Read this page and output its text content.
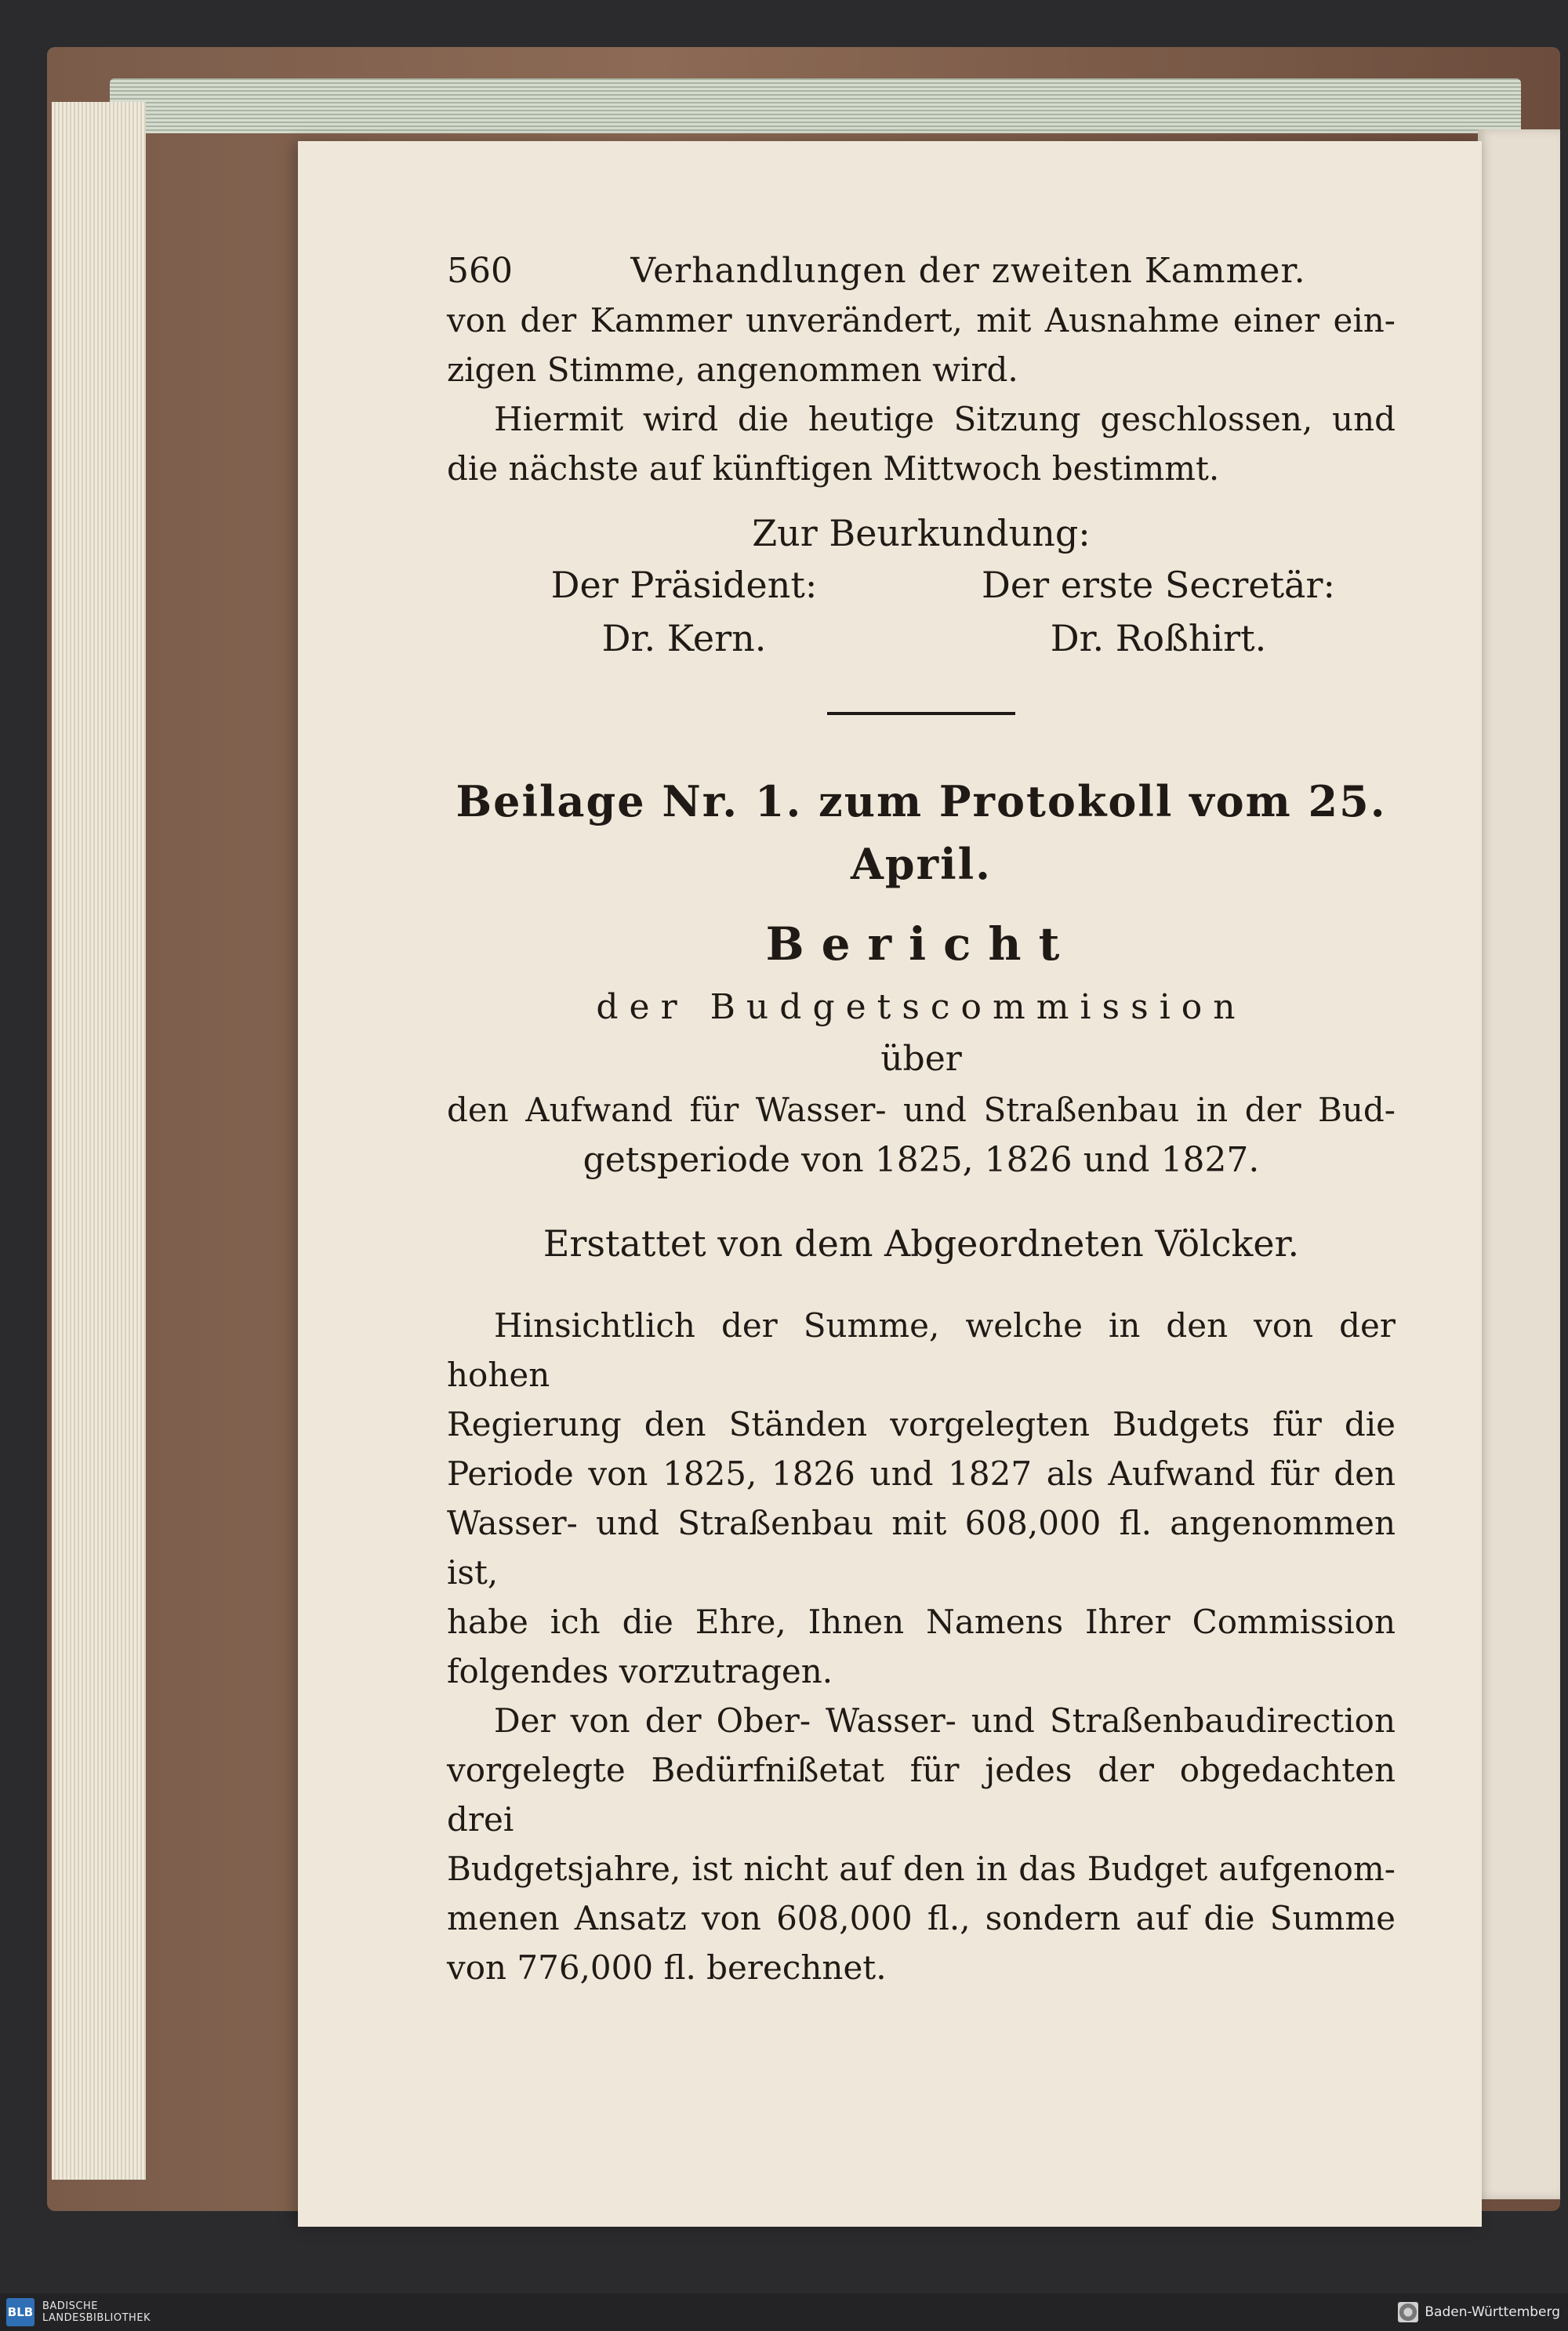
560	Verhandlungen der zweiten Kammer.
von der Kammer unverändert, mit Ausnahme einer ein-
zigen Stimme, angenommen wird.
Hiermit wird die heutige Sitzung geschlossen, und
die nächste auf künftigen Mittwoch bestimmt.
Zur Beurkundung:
Der Präsident:	Der erste Secretär:
Dr. Kern.	Dr. Roßhirt.
Beilage Nr. 1. zum Protokoll vom 25. April.
Bericht
der Budgetscommission
über
den Aufwand für Wasser- und Straßenbau in der Bud-
getsperiode von 1825, 1826 und 1827.
Erstattet von dem Abgeordneten Völcker.
Hinsichtlich der Summe, welche in den von der hohen
Regierung den Ständen vorgelegten Budgets für die
Periode von 1825, 1826 und 1827 als Aufwand für den
Wasser- und Straßenbau mit 608,000 fl. angenommen ist,
habe ich die Ehre, Ihnen Namens Ihrer Commission
folgendes vorzutragen.
Der von der Ober- Wasser- und Straßenbaudirection
vorgelegte Bedürfnißetat für jedes der obgedachten drei
Budgetsjahre, ist nicht auf den in das Budget aufgenom-
menen Ansatz von 608,000 fl., sondern auf die Summe
von 776,000 fl. berechnet.
BLB BADISCHE
LANDESBIBLIOTHEK	Baden-Württemberg
